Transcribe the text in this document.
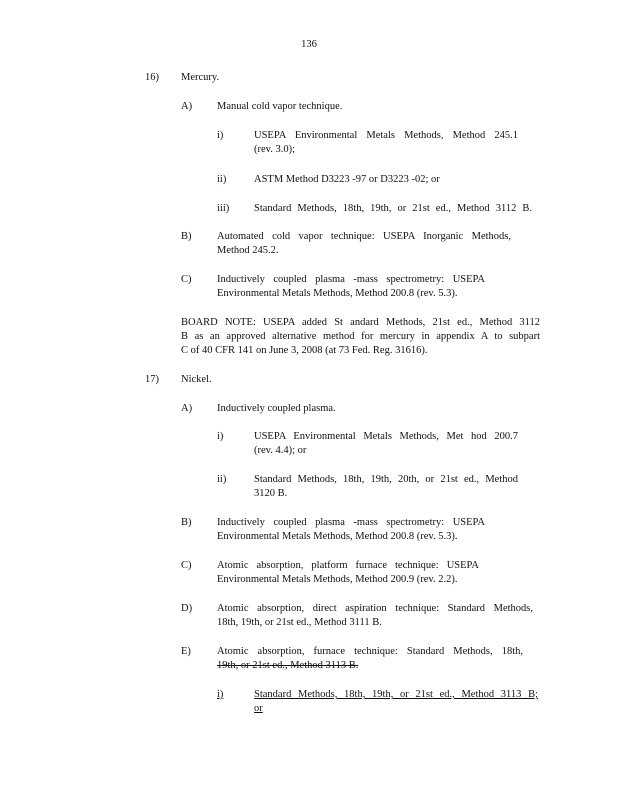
136
16) Mercury.
A) Manual cold vapor technique.
i)	USEPA Environmental Metals Methods, Method 245.1
(rev. 3.0);
ii)	ASTM Method D3223 -97 or D3223 -02; or
iii) Standard Methods, 18th, 19th, or 21st ed., Method 3112 B.
B) Automated cold vapor technique: USEPA Inorganic Methods,
Method 245.2.
C) Inductively coupled plasma -mass spectrometry: USEPA
Environmental Metals Methods, Method 200.8 (rev. 5.3).
BOARD NOTE: USEPA added St andard Methods, 21st ed., Method 3112
B as an approved alternative method for mercury in appendix A to subpart
C of 40 CFR 141 on June 3, 2008 (at 73 Fed. Reg. 31616).
17) Nickel.
A) Inductively coupled plasma.
i)	USEPA Environmental Metals Methods, Met hod 200.7
(rev. 4.4); or
ii)	Standard Methods, 18th, 19th, 20th, or 21st ed., Method
3120 B.
B) Inductively coupled plasma -mass spectrometry: USEPA
Environmental Metals Methods, Method 200.8 (rev. 5.3).
C) Atomic absorption, platform furnace technique: USEPA
Environmental Metals Methods, Method 200.9 (rev. 2.2).
D) Atomic absorption, direct aspiration technique: Standard Methods,
18th, 19th, or 21st ed., Method 3111 B.
E) Atomic absorption, furnace technique: Standard Methods, 18th,
19th, or 21st ed., Method 3113 B.
i)	Standard Methods, 18th, 19th, or 21st ed., Method 3113 B;
or
